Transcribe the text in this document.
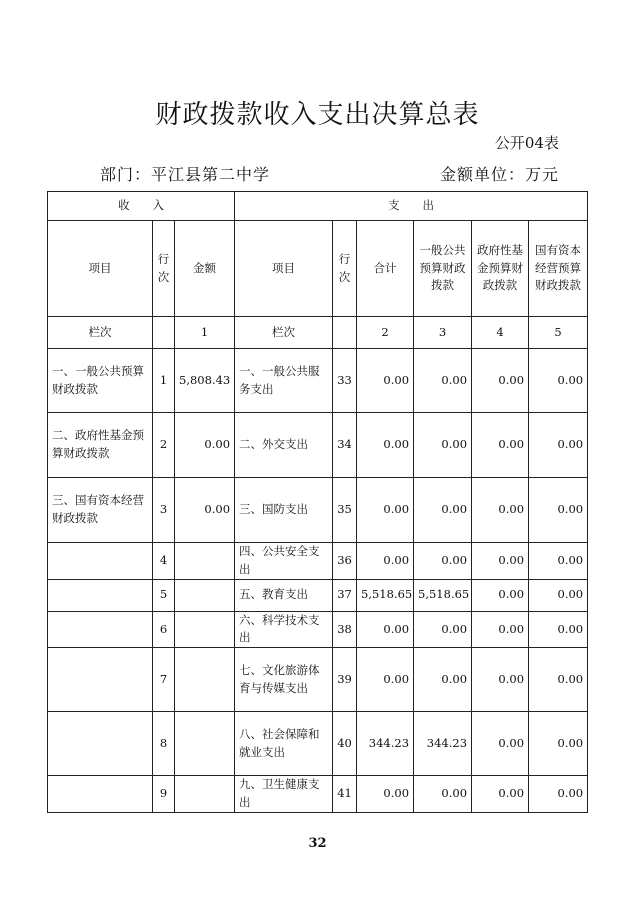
财政拨款收入支出决算总表
公开04表
部门：平江县第二中学	金额单位：万元
收　　入			支　　出					
项目	行次	金额	项目	行次	合计	一般公共预算财政拨款	政府性基金预算财政拨款	国有资本经营预算财政拨款
栏次		1	栏次		2	3	4	5
一、一般公共预算财政拨款	1	5,808.43	一、一般公共服务支出	33	0.00	0.00	0.00	0.00
二、政府性基金预算财政拨款	2	0.00	二、外交支出	34	0.00	0.00	0.00	0.00
三、国有资本经营财政拨款	3	0.00	三、国防支出	35	0.00	0.00	0.00	0.00
	4		四、公共安全支出	36	0.00	0.00	0.00	0.00
	5		五、教育支出	37	5,518.65	5,518.65	0.00	0.00
	6		六、科学技术支出	38	0.00	0.00	0.00	0.00
	7		七、文化旅游体育与传媒支出	39	0.00	0.00	0.00	0.00
	8		八、社会保障和就业支出	40	344.23	344.23	0.00	0.00
	9		九、卫生健康支出	41	0.00	0.00	0.00	0.00
32
